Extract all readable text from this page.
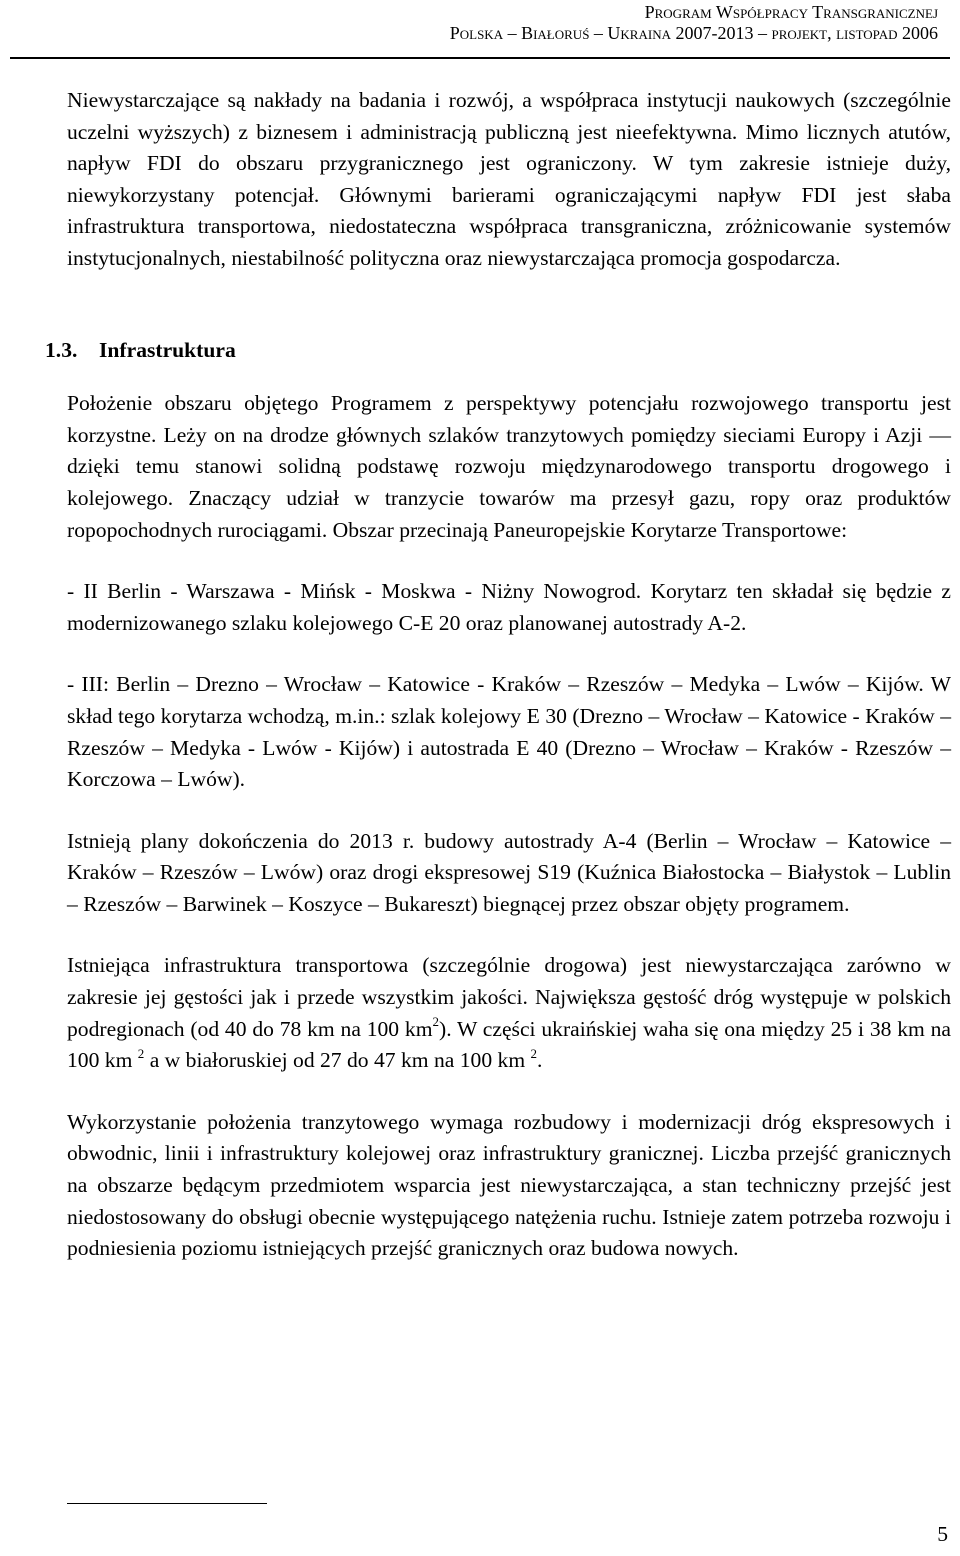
Program Współpracy Transgranicznej
Polska – Białoruś – Ukraina 2007-2013 – projekt, listopad 2006

Niewystarczające są nakłady na badania i rozwój, a współpraca instytucji naukowych (szczególnie uczelni wyższych) z biznesem i administracją publiczną jest nieefektywna. Mimo licznych atutów, napływ FDI do obszaru przygranicznego jest ograniczony. W tym zakresie istnieje duży, niewykorzystany potencjał. Głównymi barierami ograniczającymi napływ FDI jest słaba infrastruktura transportowa, niedostateczna współpraca transgraniczna, zróżnicowanie systemów instytucjonalnych, niestabilność polityczna oraz niewystarczająca promocja gospodarcza.

1.3. Infrastruktura

Położenie obszaru objętego Programem z perspektywy potencjału rozwojowego transportu jest korzystne. Leży on na drodze głównych szlaków tranzytowych pomiędzy sieciami Europy i Azji — dzięki temu stanowi solidną podstawę rozwoju międzynarodowego transportu drogowego i kolejowego. Znaczący udział w tranzycie towarów ma przesył gazu, ropy oraz produktów ropopochodnych rurociągami. Obszar przecinają Paneuropejskie Korytarze Transportowe:

- II Berlin - Warszawa - Mińsk - Moskwa - Niżny Nowogrod. Korytarz ten składał się będzie z modernizowanego szlaku kolejowego C-E 20 oraz planowanej autostrady A-2.

- III: Berlin – Drezno – Wrocław – Katowice - Kraków – Rzeszów – Medyka – Lwów – Kijów. W skład tego korytarza wchodzą, m.in.: szlak kolejowy E 30 (Drezno – Wrocław – Katowice - Kraków – Rzeszów – Medyka - Lwów - Kijów) i autostrada E 40 (Drezno – Wrocław – Kraków - Rzeszów – Korczowa – Lwów).

Istnieją plany dokończenia do 2013 r. budowy autostrady A-4 (Berlin – Wrocław – Katowice – Kraków – Rzeszów – Lwów) oraz drogi ekspresowej S19 (Kuźnica Białostocka – Białystok – Lublin – Rzeszów – Barwinek – Koszyce – Bukareszt) biegnącej przez obszar objęty programem.

Istniejąca infrastruktura transportowa (szczególnie drogowa) jest niewystarczająca zarówno w zakresie jej gęstości jak i przede wszystkim jakości. Największa gęstość dróg występuje w polskich podregionach (od 40 do 78 km na 100 $km^2$). W części ukraińskiej waha się ona między 25 i 38 km na 100 km $^2$ a w białoruskiej od 27 do 47 km na 100 km $^2$.

Wykorzystanie położenia tranzytowego wymaga rozbudowy i modernizacji dróg ekspresowych i obwodnic, linii i infrastruktury kolejowej oraz infrastruktury granicznej. Liczba przejść granicznych na obszarze będącym przedmiotem wsparcia jest niewystarczająca, a stan techniczny przejść jest niedostosowany do obsługi obecnie występującego natężenia ruchu. Istnieje zatem potrzeba rozwoju i podniesienia poziomu istniejących przejść granicznych oraz budowa nowych.

5
